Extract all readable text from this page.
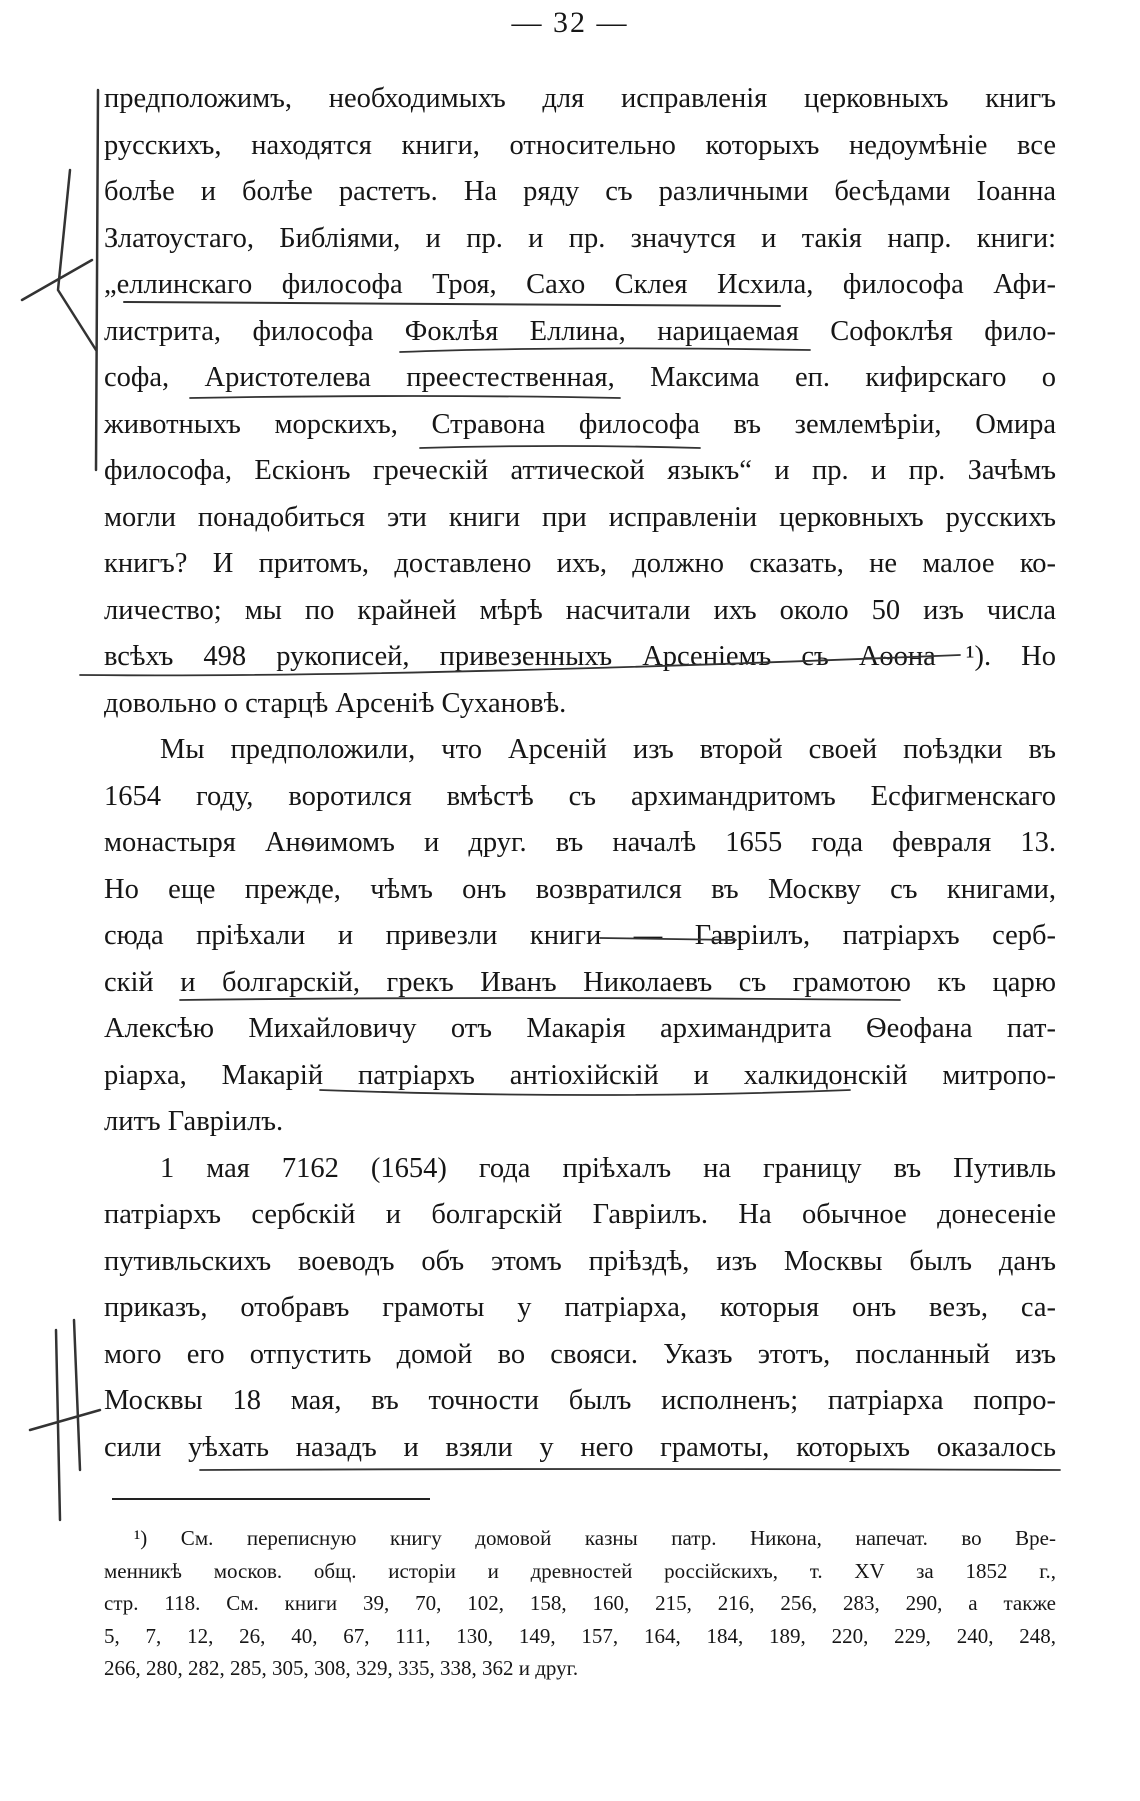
— 32 —
предположимъ, необходимыхъ для исправленія церковныхъ книгъ
русскихъ, находятся книги, относительно которыхъ недоумѣніе все
болѣе и болѣе растетъ. На ряду съ различными бесѣдами Іоанна
Златоустаго, Библіями, и пр. и пр. значутся и такія напр. книги:
„еллинскаго философа Троя, Сахо Склея Исхила, философа Афи-
листрита, философа Фоклѣя Еллина, нарицаемая Софоклѣя фило-
софа, Аристотелева преестественная, Максима еп. кифирскаго о
животныхъ морскихъ, Стравона философа въ землемѣріи, Омира
философа, Ескіонъ греческій аттической языкъ“ и пр. и пр. Зачѣмъ
могли понадобиться эти книги при исправленіи церковныхъ русскихъ
книгъ? И притомъ, доставлено ихъ, должно сказать, не малое ко-
личество; мы по крайней мѣрѣ насчитали ихъ около 50 изъ числа
всѣхъ 498 рукописей, привезенныхъ Арсеніемъ съ Аѳона ¹). Но
довольно о старцѣ Арсеніѣ Сухановѣ.
Мы предположили, что Арсеній изъ второй своей поѣздки въ
1654 году, воротился вмѣстѣ съ архимандритомъ Есфигменскаго
монастыря Анѳимомъ и друг. въ началѣ 1655 года февраля 13.
Но еще прежде, чѣмъ онъ возвратился въ Москву съ книгами,
сюда пріѣхали и привезли книги — Гавріилъ, патріархъ серб-
скій и болгарскій, грекъ Иванъ Николаевъ съ грамотою къ царю
Алексѣю Михайловичу отъ Макарія архимандрита Ѳеофана пат-
ріарха, Макарій патріархъ антіохійскій и халкидонскій митропо-
литъ Гавріилъ.
1 мая 7162 (1654) года пріѣхалъ на границу въ Путивль
патріархъ сербскій и болгарскій Гавріилъ. На обычное донесеніе
путивльскихъ воеводъ объ этомъ пріѣздѣ, изъ Москвы былъ данъ
приказъ, отобравъ грамоты у патріарха, которыя онъ везъ, са-
мого его отпустить домой во свояси. Указъ этотъ, посланный изъ
Москвы 18 мая, въ точности былъ исполненъ; патріарха попро-
сили уѣхать назадъ и взяли у него грамоты, которыхъ оказалось
¹) См. переписную книгу домовой казны патр. Никона, напечат. во Вре-
менникѣ москов. общ. исторіи и древностей россійскихъ, т. XV за 1852 г.,
стр. 118. См. книги 39, 70, 102, 158, 160, 215, 216, 256, 283, 290, а также
5, 7, 12, 26, 40, 67, 111, 130, 149, 157, 164, 184, 189, 220, 229, 240, 248,
266, 280, 282, 285, 305, 308, 329, 335, 338, 362 и друг.
